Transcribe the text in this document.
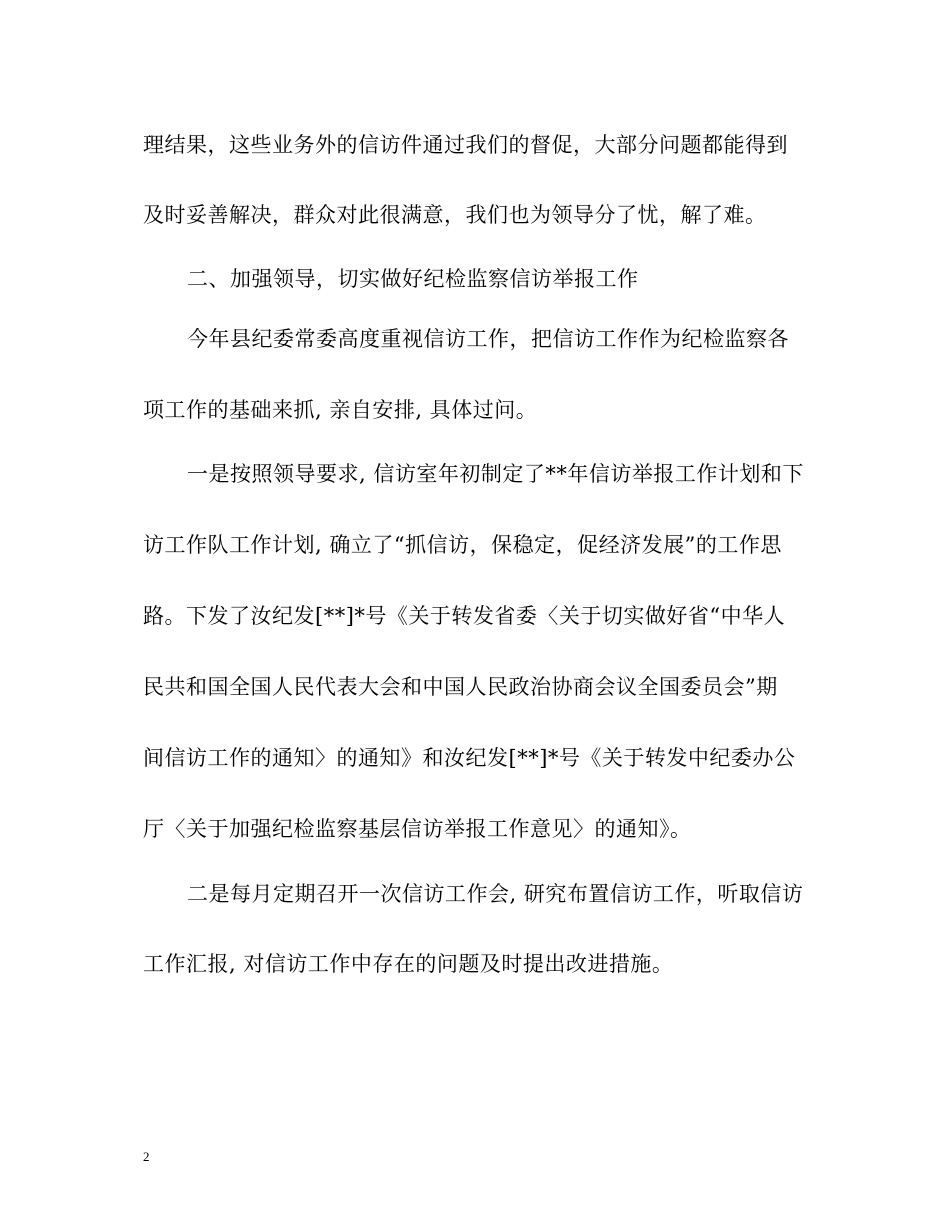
理结果，这些业务外的信访件通过我们的督促，大部分问题都能得到
及时妥善解决，群众对此很满意，我们也为领导分了忧，解了难。
二、加强领导，切实做好纪检监察信访举报工作
今年县纪委常委高度重视信访工作，把信访工作作为纪检监察各
项工作的基础来抓, 亲自安排, 具体过问。
一是按照领导要求, 信访室年初制定了**年信访举报工作计划和下
访工作队工作计划, 确立了“抓信访，保稳定，促经济发展”的工作思
路。下发了汝纪发[**]*号《关于转发省委〈关于切实做好省“中华人
民共和国全国人民代表大会和中国人民政治协商会议全国委员会”期
间信访工作的通知〉的通知》和汝纪发[**]*号《关于转发中纪委办公
厅〈关于加强纪检监察基层信访举报工作意见〉的通知》。
二是每月定期召开一次信访工作会, 研究布置信访工作，听取信访
工作汇报, 对信访工作中存在的问题及时提出改进措施。
2
